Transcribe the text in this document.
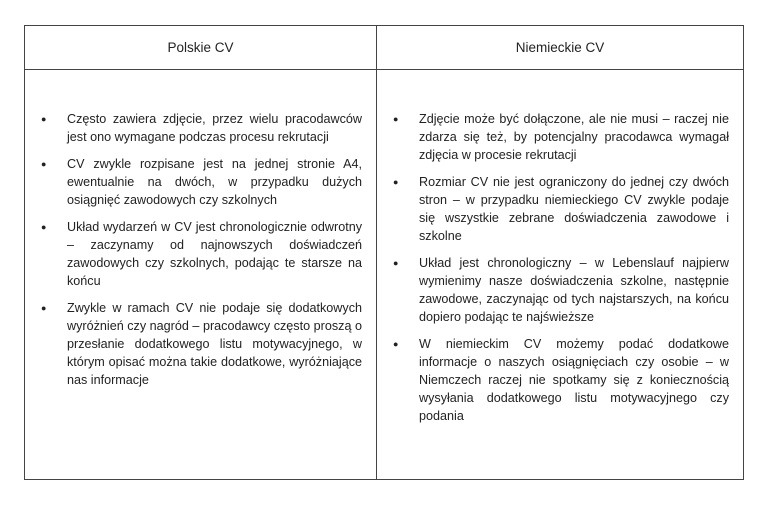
Polskie CV	Niemieckie CV
●
Często zawiera zdjęcie, przez wielu pracodawców jest ono wymagane podczas procesu rekrutacji
●
CV zwykle rozpisane jest na jednej stronie A4, ewentualnie na dwóch, w przypadku dużych osiągnięć zawodowych czy szkolnych
●
Układ wydarzeń w CV jest chronologicznie odwrotny – zaczynamy od najnowszych doświadczeń zawodowych czy szkolnych, podając te starsze na końcu
●
Zwykle w ramach CV nie podaje się dodatkowych wyróżnień czy nagród – pracodawcy często proszą o przesłanie dodatkowego listu motywacyjnego, w którym opisać można takie dodatkowe, wyróżniające nas informacje
●
Zdjęcie może być dołączone, ale nie musi – raczej nie zdarza się też, by potencjalny pracodawca wymagał zdjęcia w procesie rekrutacji
●
Rozmiar CV nie jest ograniczony do jednej czy dwóch stron – w przypadku niemieckiego CV zwykle podaje się wszystkie zebrane doświadczenia zawodowe i szkolne
●
Układ jest chronologiczny – w Lebenslauf najpierw wymienimy nasze doświadczenia szkolne, następnie zawodowe, zaczynając od tych najstarszych, na końcu dopiero podając te najświeższe
●
W niemieckim CV możemy podać dodatkowe informacje o naszych osiągnięciach czy osobie – w Niemczech raczej nie spotkamy się z koniecznością wysyłania dodatkowego listu motywacyjnego czy podania
